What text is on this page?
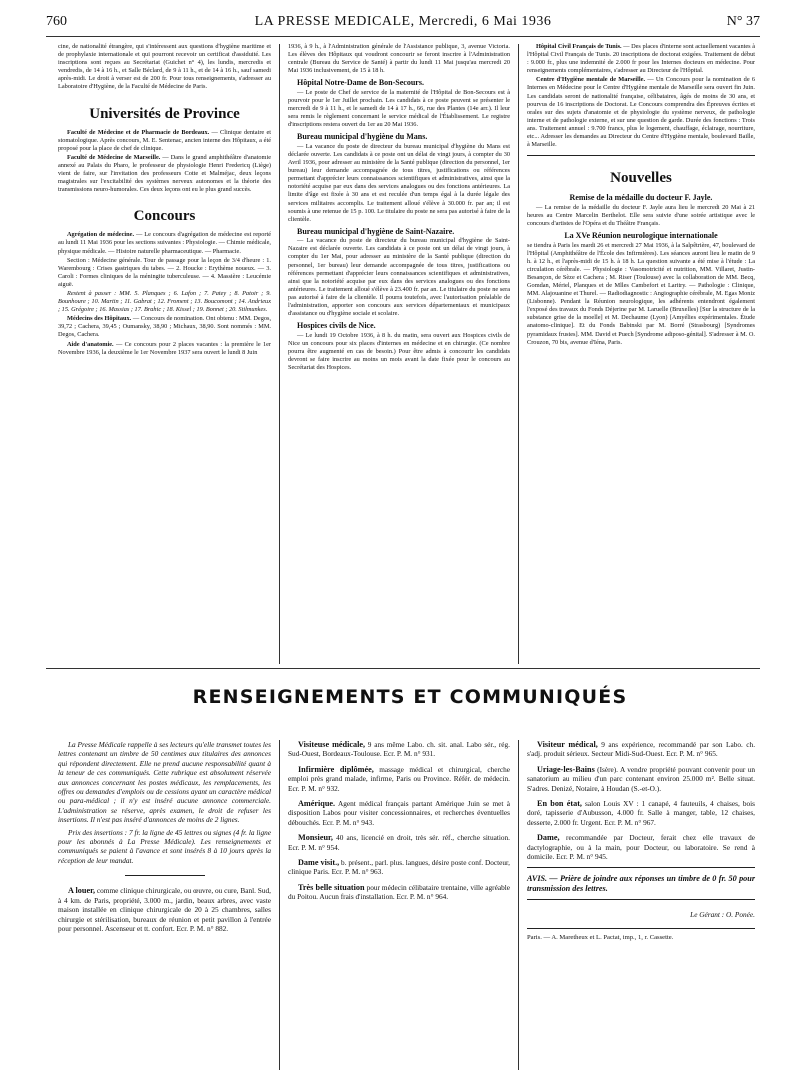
760	LA PRESSE MEDICALE, Mercredi, 6 Mai 1936	N° 37

cine, de nationalité étrangère, qui s'intéressent aux questions d'hygiène maritime et de prophylaxie internationale et qui pourront recevoir un certificat d'assiduité. Les inscriptions sont reçues au Secrétariat (Guichet n° 4), les lundis, mercredis et vendredis, de 14 à 16 h., et Salle Béclard, de 9 à 11 h., et de 14 à 16 h., sauf samedi après-midi. Le droit à verser est de 200 fr. Pour tous renseignements, s'adresser au Laboratoire d'Hygiène, de la Faculté de Médecine de Paris.

Universités de Province

Faculté de Médecine et de Pharmacie de Bordeaux. — Clinique dentaire et stomatologique. Après concours, M. E. Sentenac, ancien interne des Hôpitaux, a été proposé pour la place de chef de clinique.

Faculté de Médecine de Marseille. — Dans le grand amphithéâtre d'anatomie annexé au Palais du Pharo, le professeur de physiologie Henri Fredericq (Liège) vient de faire, sur l'invitation des professeurs Cotte et Malméjac, deux leçons magistrales sur l'excitabilité des systèmes nerveux autonomes et la théorie des transmissions neuro-humorales. Ces deux leçons ont eu le plus grand succès.

Concours

Agrégation de médecine. — Le concours d'agrégation de médecine est reporté au lundi 11 Mai 1936 pour les sections suivantes : Physiologie. — Chimie médicale, physique médicale. — Histoire naturelle pharmaceutique. — Pharmacie.

Section : Médecine générale. Tour de passage pour la leçon de 3/4 d'heure : 1. Warembourg : Crises gastriques du tabes. — 2. Houcke : Erythème noueux. — 3. Caroli : Formes cliniques de la méningite tuberculeuse. — 4. Massière : Leucémie aiguë.

Restent à passer : MM. 5. Planques ; 6. Lafon ; 7. Patey ; 8. Patoir ; 9. Bounhoure ; 10. Martin ; 11. Gabrat ; 12. Froment ; 13. Boucomont ; 14. Andrieux ; 15. Grégoire ; 16. Massias ; 17. Brahic ; 18. Kissel ; 19. Bonnet ; 20. Stilmunkes.

Médecins des Hôpitaux. — Concours de nomination. Ont obtenu : MM. Degos, 39,72 ; Cachera, 39,45 ; Oumansky, 38,90 ; Michaux, 38,90. Sont nommés : MM. Degos, Cachera.

Aide d'anatomie. — Ce concours pour 2 places vacantes : la première le 1er Novembre 1936, la deuxième le 1er Novembre 1937 sera ouvert le lundi 8 Juin

1936, à 9 h., à l'Administration générale de l'Assistance publique, 3, avenue Victoria. Les élèves des Hôpitaux qui voudront concourir se feront inscrire à l'Administration centrale (Bureau du Service de Santé) à partir du lundi 11 Mai jusqu'au mercredi 20 Mai 1936 inclusivement, de 15 à 18 h.

Hôpital Notre-Dame de Bon-Secours.

— Le poste de Chef de service de la maternité de l'Hôpital de Bon-Secours est à pourvoir pour le 1er Juillet prochain. Les candidats à ce poste peuvent se présenter le mercredi de 9 à 11 h., et le samedi de 14 à 17 h., 66, rue des Plantes (14e arr.). Il leur sera remis le règlement concernant le service médical de l'Établissement. Le registre d'inscriptions restera ouvert du 1er au 20 Mai 1936.

Bureau municipal d'hygiène du Mans.

— La vacance du poste de directeur du bureau municipal d'hygiène du Mans est déclarée ouverte. Les candidats à ce poste ont un délai de vingt jours, à compter du 30 Avril 1936, pour adresser au ministère de la Santé publique (direction du personnel, 1er bureau) leur demande accompagnée de tous titres, justifications ou références permettant d'apprécier leurs connaissances scientifiques et administratives, ainsi que la notoriété acquise par eux dans des services analogues ou des fonctions antérieures. La limite d'âge est fixée à 30 ans et est reculée d'un temps égal à la durée légale des services militaires accomplis. Le traitement alloué s'élève à 30.000 fr. par an; il est soumis à une retenue de 15 p. 100. Le titulaire du poste ne sera pas autorisé à faire de la clientèle.

Bureau municipal d'hygiène de Saint-Nazaire.

— La vacance du poste de directeur du bureau municipal d'hygiène de Saint-Nazaire est déclarée ouverte. Les candidats à ce poste ont un délai de vingt jours, à compter du 1er Mai, pour adresser au ministère de la Santé publique (direction du personnel, 1er bureau) leur demande accompagnée de tous titres, justifications ou références permettant d'apprécier leurs connaissances scientifiques et administratives, ainsi que la notoriété acquise par eux dans des services analogues ou des fonctions antérieures. Le traitement alloué s'élève à 23.400 fr. par an. Le titulaire du poste ne sera pas autorisé à faire de la clientèle. Il pourra toutefois, avec l'autorisation préalable de l'administration, apporter son concours aux services départementaux et municipaux d'assistance ou d'hygiène sociale et scolaire.

Hospices civils de Nice.

— Le lundi 19 Octobre 1936, à 8 h. du matin, sera ouvert aux Hospices civils de Nice un concours pour six places d'internes en médecine et en chirurgie. (Ce nombre pourra être augmenté en cas de besoin.) Pour être admis à concourir les candidats devront se faire inscrire au moins un mois avant la date fixée pour le concours au Secrétariat des Hospices.

Hôpital Civil Français de Tunis. — Des places d'interne sont actuellement vacantes à l'Hôpital Civil Français de Tunis. 20 inscriptions de doctorat exigées. Traitement de début : 9.000 fr., plus une indemnité de 2.000 fr pour les Internes docteurs en médecine. Pour renseignements complémentaires, s'adresser au Directeur de l'Hôpital.

Centre d'Hygiène mentale de Marseille. — Un Concours pour la nomination de 6 Internes en Médecine pour le Centre d'Hygiène mentale de Marseille sera ouvert fin Juin. Les candidats seront de nationalité française, célibataires, âgés de moins de 30 ans, et pourvus de 16 inscriptions de Doctorat. Le Concours comprendra des Épreuves écrites et orales sur des sujets d'anatomie et de physiologie du système nerveux, de pathologie interne et de pathologie externe, et sur une question de garde. Durée des fonctions : Trois ans. Traitement annuel : 9.700 francs, plus le logement, chauffage, éclairage, nourriture, etc... Adresser les demandes au Directeur du Centre d'Hygiène mentale, boulevard Baille, à Marseille.

Nouvelles
Remise de la médaille du docteur F. Jayle.

— La remise de la médaille du docteur F. Jayle aura lieu le mercredi 20 Mai à 21 heures au Centre Marcelin Berthelot. Elle sera suivie d'une soirée artistique avec le concours d'artistes de l'Opéra et du Théâtre Français.

La XVe Réunion neurologique internationale

se tiendra à Paris les mardi 26 et mercredi 27 Mai 1936, à la Salpêtrière, 47, boulevard de l'Hôpital (Amphithéâtre de l'École des Infirmières). Les séances auront lieu le matin de 9 h. à 12 h., et l'après-midi de 15 h. à 18 h. La question suivante a été mise à l'étude : La circulation cérébrale. — Physiologie : Vasomotricité et nutrition, MM. Villaret, Justin-Besançon, de Sèze et Cachera ; M. Riser (Toulouse) avec la collaboration de MM. Becq, Gomdan, Mériel, Planques et de Mlles Cambefort et Laritry. — Pathologie : Clinique, MM. Alajouanine et Thurel. — Radiodiagnostic : Angiographie cérébrale, M. Egas Moniz (Lisbonne). Pendant la Réunion neurologique, les adhérents entendront également l'exposé des travaux du Fonds Déjerine par M. Laruelle (Bruxelles) [Sur la structure de la substance grise de la moelle] et M. Dechaume (Lyon) [Amyélies expérimentales. Étude anatomo-clinique]. Et du Fonds Babinski par M. Borré (Strasbourg) [Syndromes pyramidaux frustes]. MM. David et Puech [Syndrome adiposo-génital]. S'adresser à M. O. Crouzon, 70 bis, avenue d'Iéna, Paris.

RENSEIGNEMENTS ET COMMUNIQUÉS

La Presse Médicale rappelle à ses lecteurs qu'elle transmet toutes les lettres contenant un timbre de 50 centimes aux titulaires des annonces qui répondent directement. Elle ne prend aucune responsabilité quant à la teneur de ces communiqués. Cette rubrique est absolument réservée aux annonces concernant les postes médicaux, les remplacements, les offres ou demandes d'emplois ou de cessions ayant un caractère médical ou para-médical ; il n'y est inséré aucune annonce commerciale. L'administration se réserve, après examen, le droit de refuser les insertions. Il n'est pas inséré d'annonces de moins de 2 lignes.

Prix des insertions : 7 fr. la ligne de 45 lettres ou signes (4 fr. la ligne pour les abonnés à La Presse Médicale). Les renseignements et communiqués se paient à l'avance et sont insérés 8 à 10 jours après la réception de leur mandat.

A louer, comme clinique chirurgicale, ou œuvre, ou cure, Banl. Sud, à 4 km. de Paris, propriété, 3.000 m., jardin, beaux arbres, avec vaste maison installée en clinique chirurgicale de 20 à 25 chambres, salles chirurgie et stérilisation, bureaux de réunion et petit pavillon à l'entrée pour personnel. Ascenseur et tt. confort. Ecr. P. M. n° 882.

Visiteuse médicale, 9 ans même Labo. ch. sit. anal. Labo sér., rég. Sud-Ouest, Bordeaux-Toulouse. Ecr. P. M. n° 931.

Infirmière diplômée, massage médical et chirurgical, cherche emploi près grand malade, infirme, Paris ou Province. Référ. de médecin. Ecr. P. M. n° 932.

Amérique. Agent médical français partant Amérique Juin se met à disposition Labos pour visiter concessionnaires, et recherches éventuelles débouchés. Ecr. P. M. n° 943.

Monsieur, 40 ans, licencié en droit, très sér. réf., cherche situation. Ecr. P. M. n° 954.

Dame visit., b. présent., parl. plus. langues, désire poste conf. Docteur, clinique Paris. Ecr. P. M. n° 963.

Très belle situation pour médecin célibataire trentaine, ville agréable du Poitou. Aucun frais d'installation. Ecr. P. M. n° 964.

Visiteur médical, 9 ans expérience, recommandé par son Labo. ch. s'adj. produit sérieux. Secteur Midi-Sud-Ouest. Ecr. P. M. n° 965.

Uriage-les-Bains (Isère). A vendre propriété pouvant convenir pour un sanatorium au milieu d'un parc contenant environ 25.000 m². Belle situat. S'adres. Denizé, Notaire, à Houdan (S.-et-O.).

En bon état, salon Louis XV : 1 canapé, 4 fauteuils, 4 chaises, bois doré, tapisserie d'Aubusson, 4.000 fr. Salle à manger, table, 12 chaises, desserte, 2.000 fr. Urgent. Ecr. P. M. n° 967.

Dame, recommandée par Docteur, ferait chez elle travaux de dactylographie, ou à la main, pour Docteur, ou laboratoire. Se rend à domicile. Ecr. P. M. n° 945.

AVIS. — Prière de joindre aux réponses un timbre de 0 fr. 50 pour transmission des lettres.

Le Gérant : O. Ponée.

Paris. — A. Maretheux et L. Pactat, imp., 1, r. Cassette.
